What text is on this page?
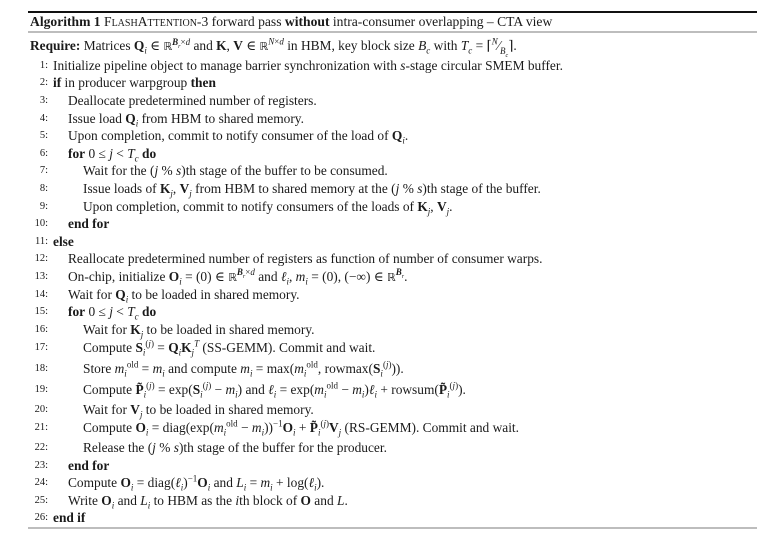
Algorithm 1 FlashAttention-3 forward pass without intra-consumer overlapping – CTA view
Require: Matrices $Q_i$ ∈ ℝ$^{B_r\times d}$ and K, V ∈ ℝ$^{N\times d}$ in HBM, key block size $B_c$ with $T_c$ = $⌈^N⁄_{B_c}⌉$.
1: Initialize pipeline object to manage barrier synchronization with s-stage circular SMEM buffer.
2: if in producer warpgroup then
3: Deallocate predetermined number of registers.
4: Issue load $Q_i$ from HBM to shared memory.
5: Upon completion, commit to notify consumer of the load of $Q_i$.
6: for $0 \le j < T_c$ do
7:	Wait for the (j % s)th stage of the buffer to be consumed.
8:	Issue loads of $K_j$, $V_j$ from HBM to shared memory at the (j % s)th stage of the buffer.
9:	Upon completion, commit to notify consumers of the loads of $K_j$, $V_j$.
10: end for
11: else
12: Reallocate predetermined number of registers as function of number of consumer warps.
13: On-chip, initialize $O_i = (0)$ ∈ ℝ$^{B_r\times d}$ and ℓ$_i$, $m_i = (0)$, (−∞) ∈ ℝ$^{B_r}$.
14: Wait for $Q_i$ to be loaded in shared memory.
15: for $0 \le j < T_c$ do
16:	Wait for $K_j$ to be loaded in shared memory.
17:	Compute $S_i^{(j)} = Q_iK_j^T$ (SS-GEMM). Commit and wait.
18:	Store $m_i^{old} = m_i$ and compute $m_i = \max(m_i^{old}$, $rowmax(S_i^{(j)})$).
19:	Compute $P̃_i^{(j)} = \exp(S_i^{(j)} - m_i)$ and ℓ$_i$ = $\exp(m_i^{old}$ − $m_i)\ell_i$ + $rowsum(P̃_i^{(j)})$.
20:	Wait for $V_j$ to be loaded in shared memory.
21:	Compute $O_i$ = $diag(\exp(m_i^{old} - m_i))^{-1}O_i$ + $P̃_i^{(j)}V_j$ (RS-GEMM). Commit and wait.
22:	Release the (j % s)th stage of the buffer for the producer.
23: end for
24: Compute $O_i$ = $diag(\ell_i)^{-1}O_i$ and $L_i = m_i$ + log(ℓ$_i$).
25: Write $O_i$ and $L_i$ to HBM as the ith block of O and L.
26: end if
